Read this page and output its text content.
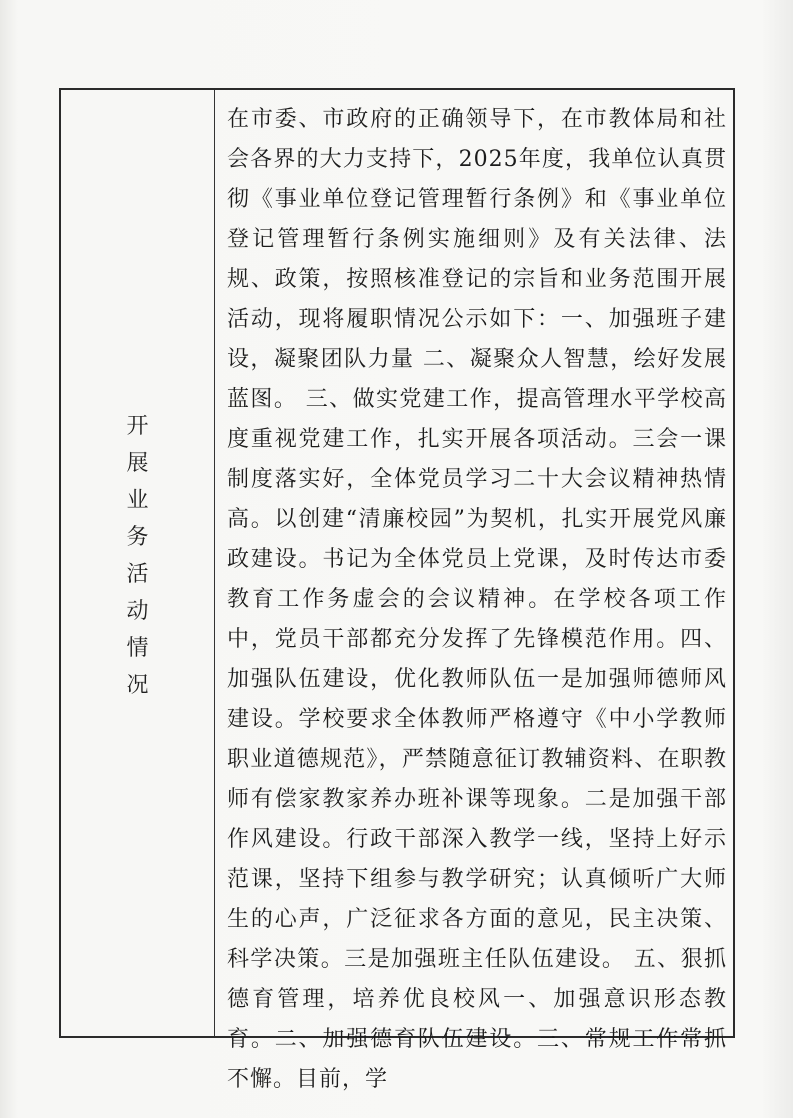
开展业务活动情况
在市委、市政府的正确领导下，在市教体局和社会各界的大力支持下，2025年度，我单位认真贯彻《事业单位登记管理暂行条例》和《事业单位登记管理暂行条例实施细则》及有关法律、法规、政策，按照核准登记的宗旨和业务范围开展活动，现将履职情况公示如下：一、加强班子建设，凝聚团队力量 二、凝聚众人智慧，绘好发展蓝图。 三、做实党建工作，提高管理水平学校高度重视党建工作，扎实开展各项活动。三会一课制度落实好，全体党员学习二十大会议精神热情高。以创建“清廉校园”为契机，扎实开展党风廉政建设。书记为全体党员上党课，及时传达市委教育工作务虚会的会议精神。在学校各项工作中，党员干部都充分发挥了先锋模范作用。四、加强队伍建设，优化教师队伍一是加强师德师风建设。学校要求全体教师严格遵守《中小学教师职业道德规范》，严禁随意征订教辅资料、在职教师有偿家教家养办班补课等现象。二是加强干部作风建设。行政干部深入教学一线，坚持上好示范课，坚持下组参与教学研究；认真倾听广大师生的心声，广泛征求各方面的意见，民主决策、科学决策。三是加强班主任队伍建设。 五、狠抓德育管理，培养优良校风一、加强意识形态教育。二、加强德育队伍建设。三、常规工作常抓不懈。目前，学
